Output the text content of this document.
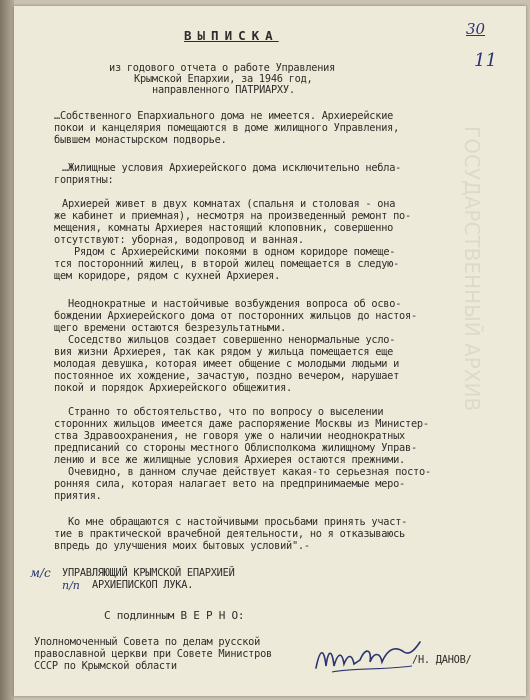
ГОСУДАРСТВЕННЫЙ АРХИВ
30
11
ВЫПИСКА
из годового отчета о работе Управления
Крымской Епархии, за 1946 год,
направленного ПАТРИАРХУ.
…Собственного Епархиального дома не имеется. Архиерейские
покои и канцелярия помещаются в доме жилищного Управления,
бывшем монастырском подворье.
…Жилищные условия Архиерейского дома исключительно небла-
гоприятны:
Архиерей живет в двух комнатах (спальня и столовая - она
же кабинет и приемная), несмотря на произведенный ремонт по-
мещения, комнаты Архиерея настоящий клоповник, совершенно
отсутствуют: уборная, водопровод и ванная.
Рядом с Архиерейскими покоями в одном коридоре помеще-
тся посторонний жилец, в второй жилец помещается в следую-
щем коридоре, рядом с кухней Архиерея.
Неоднократные и настойчивые возбуждения вопроса об осво-
бождении Архиерейского дома от посторонних жильцов до настоя-
щего времени остаются безрезультатными.
Соседство жильцов создает совершенно ненормальные усло-
вия жизни Архиерея, так как рядом у жильца помещается еще
молодая девушка, которая имеет общение с молодыми людьми и
постоянное их хождение, зачастую, поздно вечером, нарушает
покой и порядок Архиерейского общежития.
Странно то обстоятельство, что по вопросу о выселении
сторонних жильцов имеется даже распоряжение Москвы из Министер-
ства Здравоохранения, не говоря уже о наличии неоднократных
предписаний со стороны местного Облисполкома жилищному Управ-
лению и все же жилищные условия Архиерея остаются прежними.
Очевидно, в данном случае действует какая-то серьезная посто-
ронняя сила, которая налагает вето на предпринимаемые меро-
приятия.
Ко мне обращаются с настойчивыми просьбами принять участ-
тие в практической врачебной деятельности, но я отказываюсь
впредь до улучшения моих бытовых условий".-
м/с УПРАВЛЯЮЩИЙ КРЫМСКОЙ ЕПАРХИЕЙ
п/п АРХИЕПИСКОП ЛУКА.
С подлинным В Е Р Н О:
Уполномоченный Совета по делам русской
православной церкви при Совете Министров
СССР по Крымской области	/Н. ДАНОВ/
